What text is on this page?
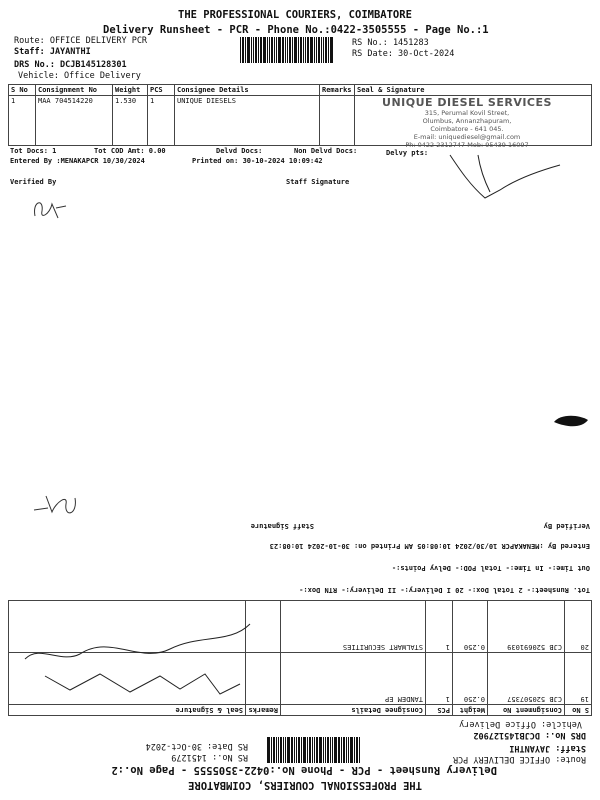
THE PROFESSIONAL COURIERS, COIMBATORE
Delivery Runsheet - PCR - Phone No.:0422-3505555 - Page No.:1
Route: OFFICE DELIVERY PCR
Staff: JAYANTHI
DRS No.: DCJB145128301
Vehicle: Office Delivery
RS No.: 1451283
RS Date: 30-Oct-2024
S No	Consignment No	Weight	PCS	Consignee Details	Remarks	Seal & Signature
1	MAA 704514220	1.530	1	UNIQUE DIESELS			UNIQUE DIESEL SERVICES
315, Perumal Kovil Street,
Olumbus, Annanzhapuram,
Coimbatore - 641 045.
E-mail: uniquediesel@gmail.com
Ph: 0422 2312747 Mob: 95439 16097
Tot Docs: 1	Tot COD Amt: 0.00	Delvd Docs:	Non Delvd Docs:	Delvy pts:
Entered By :MENAKAPCR 10/30/2024	Printed on: 30-10-2024 10:09:42
Verified By	Staff Signature
THE PROFESSIONAL COURIERS, COIMBATORE
Delivery Runsheet - PCR - Phone No.:0422-3505555 - Page No.:2
Route: OFFICE DELIVERY PCR
Staff: JAYANTHI
DRS No.: DCJB145127902
Vehicle: Office Delivery
RS No.: 1451279
RS Date: 30-Oct-2024
S No	Consignment No	Weight	PCS	Consignee Details	Remarks	Seal & Signature
19	CJB 520507357	0.250	1	TANDEM EP		
20	CJB 520691039	0.250	1	STALWART SECURITIES		
Tot. Runsheet:- 2 Total Dox:- 20 I Delivery:- II Delivery:- RTN Dox:-
Out Time:- In Time:- Total POD:- Delvy Points:-
Entered By :MENAKAPCR 10/30/2024 10:08:05 AM Printed on: 30-10-2024 10:08:23
Verified By
Staff Signature
